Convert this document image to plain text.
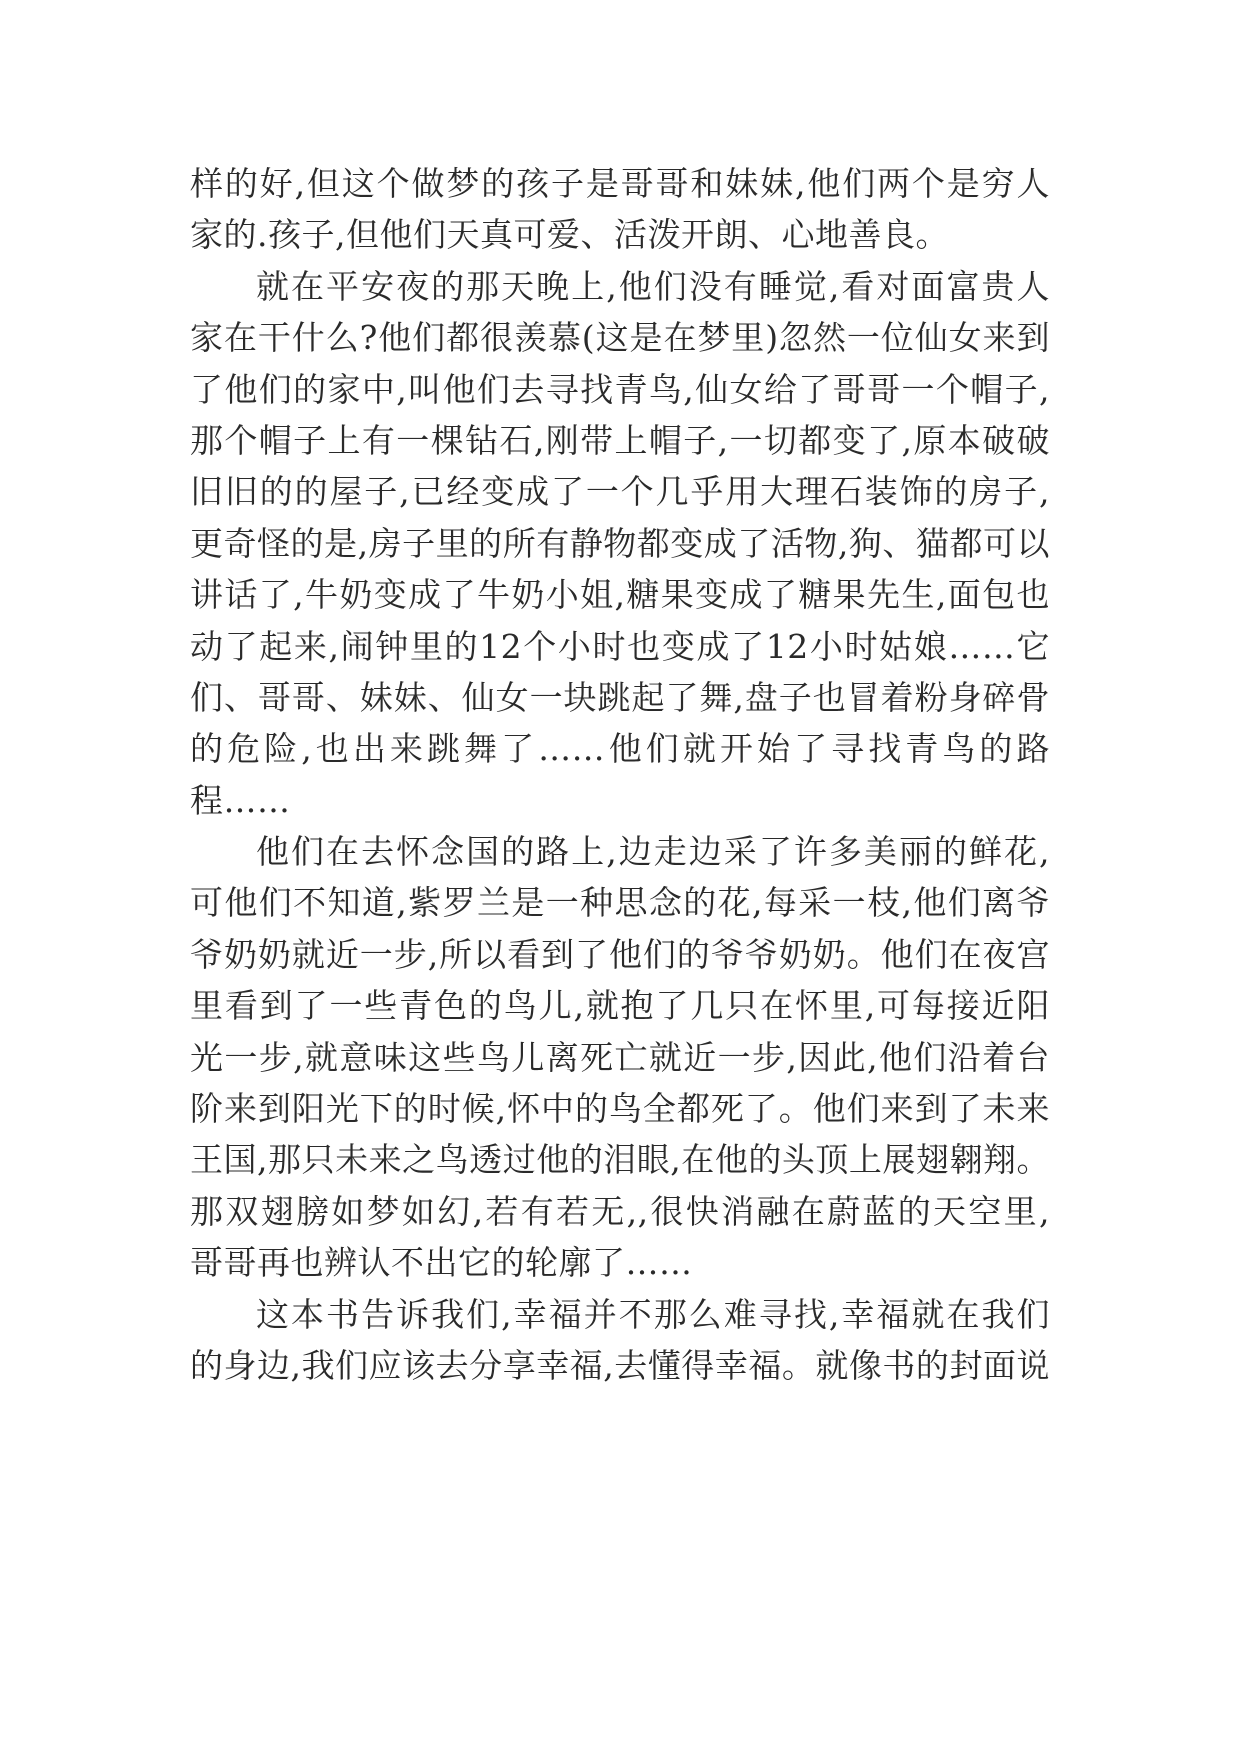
样的好,但这个做梦的孩子是哥哥和妹妹,他们两个是穷人
家的.孩子,但他们天真可爱、活泼开朗、心地善良。
就在平安夜的那天晚上,他们没有睡觉,看对面富贵人
家在干什么?他们都很羡慕(这是在梦里)忽然一位仙女来到
了他们的家中,叫他们去寻找青鸟,仙女给了哥哥一个帽子,
那个帽子上有一棵钻石,刚带上帽子,一切都变了,原本破破
旧旧的的屋子,已经变成了一个几乎用大理石装饰的房子,
更奇怪的是,房子里的所有静物都变成了活物,狗、猫都可以
讲话了,牛奶变成了牛奶小姐,糖果变成了糖果先生,面包也
动了起来,闹钟里的12个小时也变成了12小时姑娘……它
们、哥哥、妹妹、仙女一块跳起了舞,盘子也冒着粉身碎骨
的危险,也出来跳舞了……他们就开始了寻找青鸟的路
程……
他们在去怀念国的路上,边走边采了许多美丽的鲜花,
可他们不知道,紫罗兰是一种思念的花,每采一枝,他们离爷
爷奶奶就近一步,所以看到了他们的爷爷奶奶。他们在夜宫
里看到了一些青色的鸟儿,就抱了几只在怀里,可每接近阳
光一步,就意味这些鸟儿离死亡就近一步,因此,他们沿着台
阶来到阳光下的时候,怀中的鸟全都死了。他们来到了未来
王国,那只未来之鸟透过他的泪眼,在他的头顶上展翅翱翔。
那双翅膀如梦如幻,若有若无,,很快消融在蔚蓝的天空里,
哥哥再也辨认不出它的轮廓了……
这本书告诉我们,幸福并不那么难寻找,幸福就在我们
的身边,我们应该去分享幸福,去懂得幸福。就像书的封面说
